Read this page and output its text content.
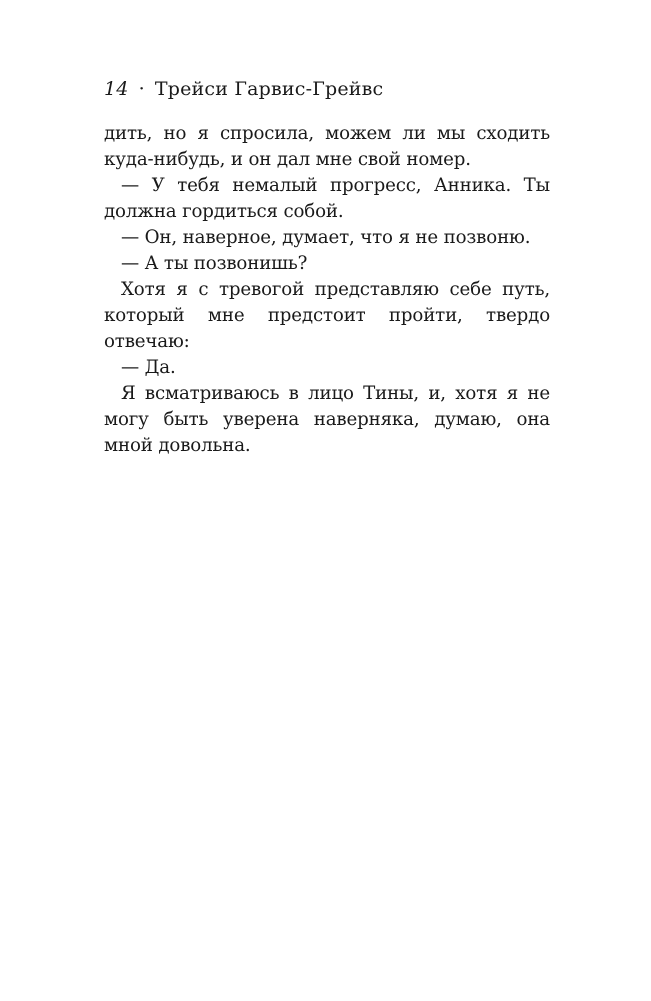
14 · Трейси Гарвис-Грейвс

дить, но я спросила, можем ли мы сходить куда-нибудь, и он дал мне свой номер.

— У тебя немалый прогресс, Анника. Ты должна гордиться собой.

— Он, наверное, думает, что я не позвоню.

— А ты позвонишь?

Хотя я с тревогой представляю себе путь, который мне предстоит пройти, твердо отвечаю:

— Да.

Я всматриваюсь в лицо Тины, и, хотя я не могу быть уверена наверняка, думаю, она мной довольна.
